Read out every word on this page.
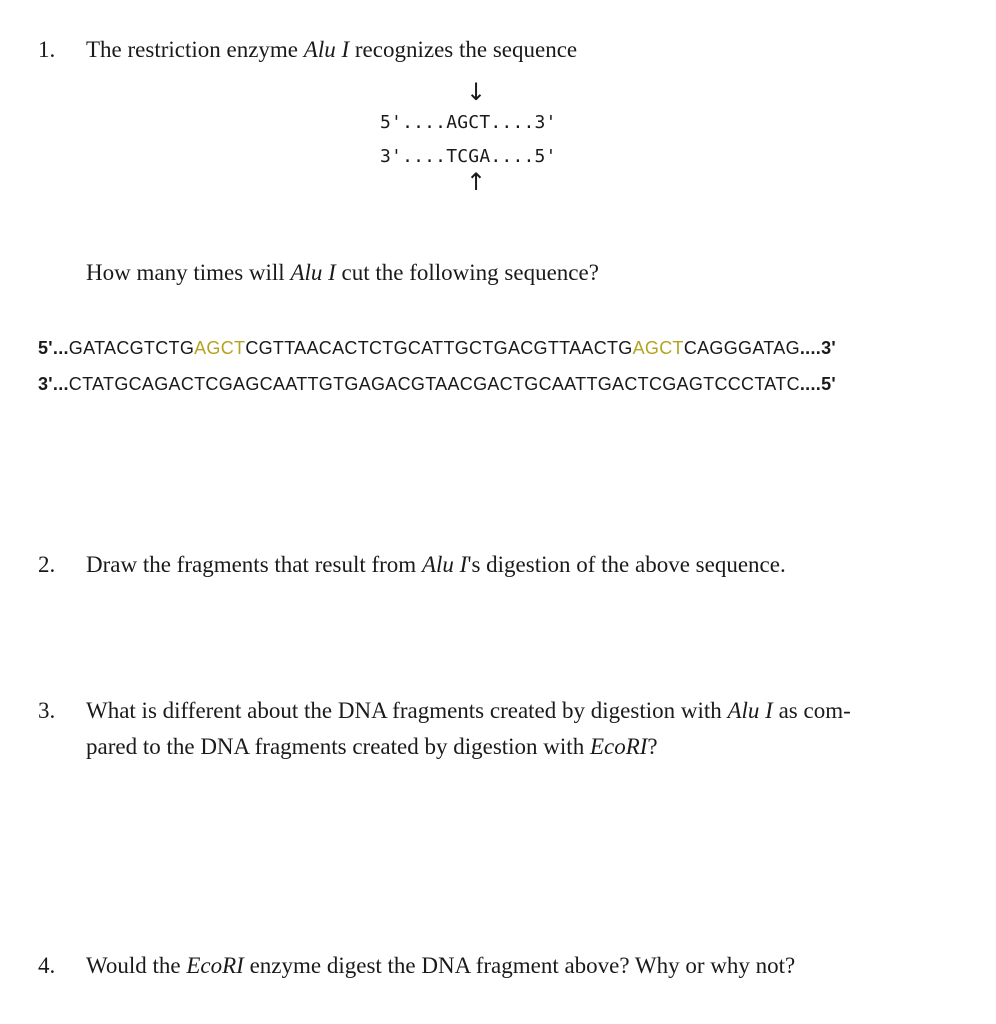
1.	The restriction enzyme Alu I recognizes the sequence
↓
5'....AGCT....3'
3'....TCGA....5'
↑
How many times will Alu I cut the following sequence?
5'...GATACGTCTGAGCTCGTTAACACTCTGCATTGCTGACGTTAACTGAGCTCAGGGATAG....3'
3'...CTATGCAGACTCGAGCAATTGTGAGACGTAACGACTGCAATTGACTCGAGTCCCTATC....5'
2.	Draw the fragments that result from Alu I's digestion of the above sequence.
3.	What is different about the DNA fragments created by digestion with Alu I as com-
pared to the DNA fragments created by digestion with EcoRI?
4.	Would the EcoRI enzyme digest the DNA fragment above? Why or why not?
